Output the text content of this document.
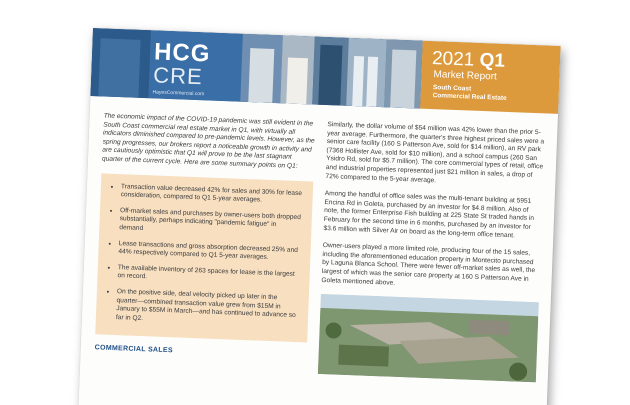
HCG
CRE
HayesCommercial.com
2021 Q1
Market Report
South Coast
Commercial Real Estate

The economic impact of the COVID-19 pandemic was still evident in the South Coast commercial real estate market in Q1, with virtually all indicators diminished compared to pre-pandemic levels. However, as the spring progresses, our brokers report a noticeable growth in activity and are cautiously optimistic that Q1 will prove to be the last stagnant quarter of the current cycle. Here are some summary points on Q1:

• Transaction value decreased 42% for sales and 30% for lease consideration, compared to Q1 5-year averages.
• Off-market sales and purchases by owner-users both dropped substantially, perhaps indicating "pandemic fatigue" in demand
• Lease transactions and gross absorption decreased 25% and 44% respectively compared to Q1 5-year averages.
• The available inventory of 263 spaces for lease is the largest on record.
• On the positive side, deal velocity picked up later in the quarter—combined transaction value grew from $15M in January to $55M in March—and has continued to advance so far in Q2.
COMMERCIAL SALES

Similarly, the dollar volume of $54 million was 42% lower than the prior 5-year average. Furthermore, the quarter's three highest priced sales were a senior care facility (160 S Patterson Ave, sold for $14 million), an RV park (7368 Hollister Ave, sold for $10 million), and a school campus (260 San Ysidro Rd, sold for $5.7 million). The core commercial types of retail, office and industrial properties represented just $21 million in sales, a drop of 72% compared to the 5-year average.

Among the handful of office sales was the multi-tenant building at 5951 Encina Rd in Goleta, purchased by an investor for $4.8 million. Also of note, the former Enterprise Fish building at 225 State St traded hands in February for the second time in 6 months, purchased by an investor for $3.6 million with Silver Air on board as the long-term office tenant.

Owner-users played a more limited role, producing four of the 15 sales, including the aforementioned education property in Montecito purchased by Laguna Blanca School. There were fewer off-market sales as well, the largest of which was the senior care property at 160 S Patterson Ave in Goleta mentioned above.
